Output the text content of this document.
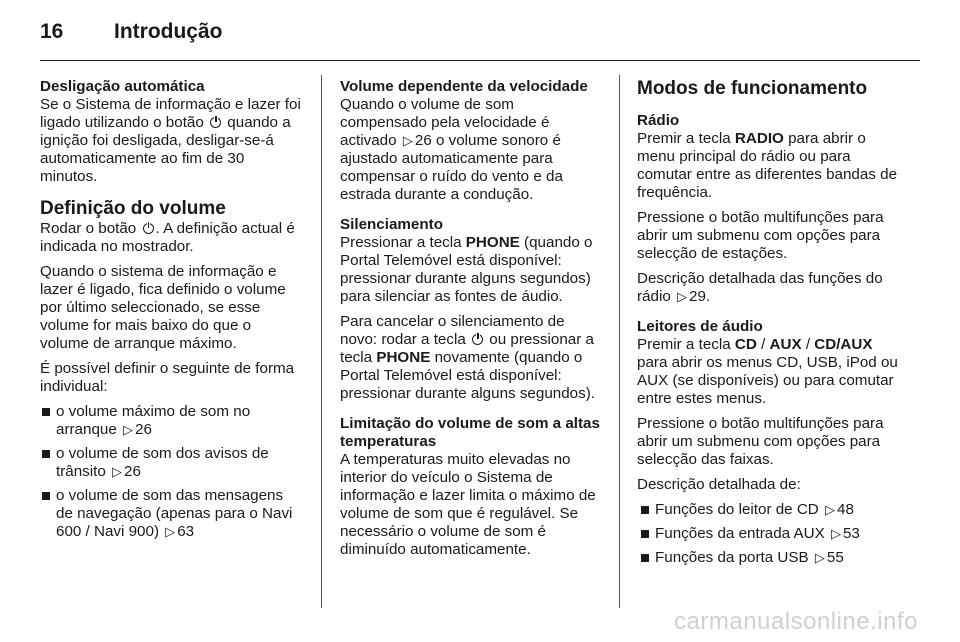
16 Introdução
Desligação automática

Se o Sistema de informação e lazer foi ligado utilizando o botão quando a ignição foi desligada, desligar-se-á automaticamente ao fim de 30 minutos.

Definição do volume

Rodar o botão . A definição actual é indicada no mostrador.

Quando o sistema de informação e lazer é ligado, fica definido o volume por último seleccionado, se esse volume for mais baixo do que o volume de arranque máximo.

É possível definir o seguinte de forma individual:

o volume máximo de som no arranque ▷ 26
o volume de som dos avisos de trânsito ▷ 26
o volume de som das mensagens de navegação (apenas para o Navi 600 / Navi 900) ▷ 63
Volume dependente da velocidade

Quando o volume de som compensado pela velocidade é activado ▷ 26 o volume sonoro é ajustado automaticamente para compensar o ruído do vento e da estrada durante a condução.

Silenciamento

Pressionar a tecla PHONE (quando o Portal Telemóvel está disponível: pressionar durante alguns segundos) para silenciar as fontes de áudio.

Para cancelar o silenciamento de novo: rodar a tecla ou pressionar a tecla PHONE novamente (quando o Portal Telemóvel está disponível: pressionar durante alguns segundos).

Limitação do volume de som a altas temperaturas

A temperaturas muito elevadas no interior do veículo o Sistema de informação e lazer limita o máximo de volume de som que é regulável. Se necessário o volume de som é diminuído automaticamente.

Modos de funcionamento
Rádio

Premir a tecla RADIO para abrir o menu principal do rádio ou para comutar entre as diferentes bandas de frequência.

Pressione o botão multifunções para abrir um submenu com opções para selecção de estações.

Descrição detalhada das funções do rádio ▷ 29.

Leitores de áudio

Premir a tecla CD / AUX / CD/AUX para abrir os menus CD, USB, iPod ou AUX (se disponíveis) ou para comutar entre estes menus.

Pressione o botão multifunções para abrir um submenu com opções para selecção das faixas.

Descrição detalhada de:

Funções do leitor de CD ▷ 48
Funções da entrada AUX ▷ 53
Funções da porta USB ▷ 55
carmanualsonline.info
